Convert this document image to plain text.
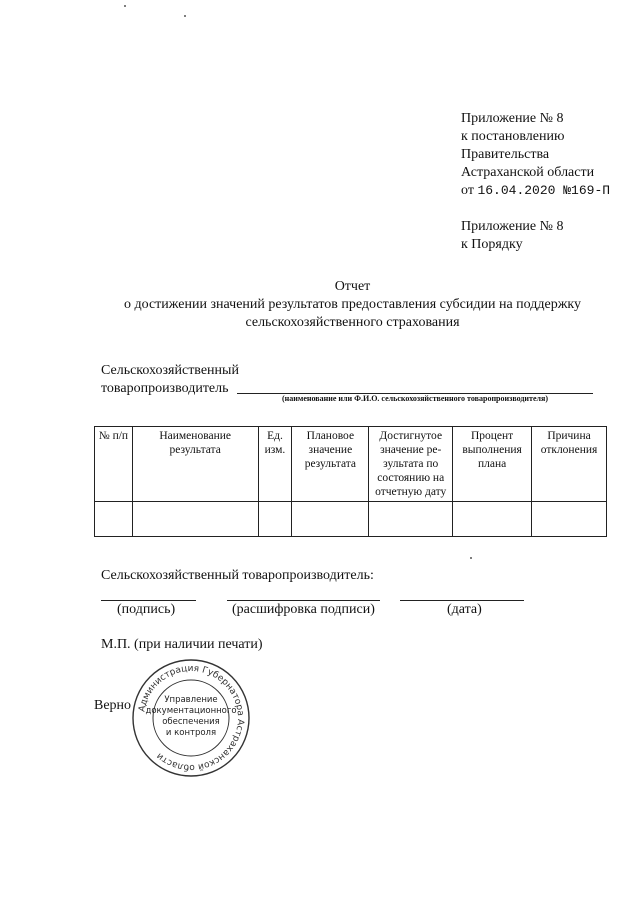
Приложение № 8
к постановлению
Правительства
Астраханской области
от 16.04.2020 №169-П
Приложение № 8
к Порядку
Отчет
о достижении значений результатов предоставления субсидии на поддержку
сельскохозяйственного страхования
Сельскохозяйственный
товаропроизводитель
(наименование или Ф.И.О. сельскохозяйственного товаропроизводителя)
№ п/п	Наименование результата	Ед. изм.	Плановое значение результата	Достигнутое значение ре-зультата по состоянию на отчетную дату	Процент выполнения плана	Причина отклонения

Сельскохозяйственный товаропроизводитель:
(подпись)	(расшифровка подписи)	(дата)
М.П. (при наличии печати)
Верно Администрация Губернатора Астраханской области
Управление
документационного
обеспечения
и контроля
